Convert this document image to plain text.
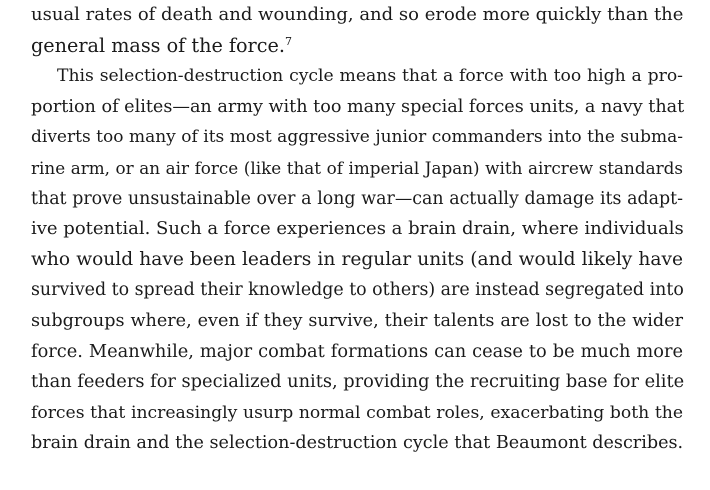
usual rates of death and wounding, and so erode more quickly than the
general mass of the force.$^7$
This selection-destruction cycle means that a force with too high a pro-
portion of elites—an army with too many special forces units, a navy that
diverts too many of its most aggressive junior commanders into the subma-
rine arm, or an air force (like that of imperial Japan) with aircrew standards
that prove unsustainable over a long war—can actually damage its adapt-
ive potential. Such a force experiences a brain drain, where individuals
who would have been leaders in regular units (and would likely have
survived to spread their knowledge to others) are instead segregated into
subgroups where, even if they survive, their talents are lost to the wider
force. Meanwhile, major combat formations can cease to be much more
than feeders for specialized units, providing the recruiting base for elite
forces that increasingly usurp normal combat roles, exacerbating both the
brain drain and the selection-destruction cycle that Beaumont describes.
